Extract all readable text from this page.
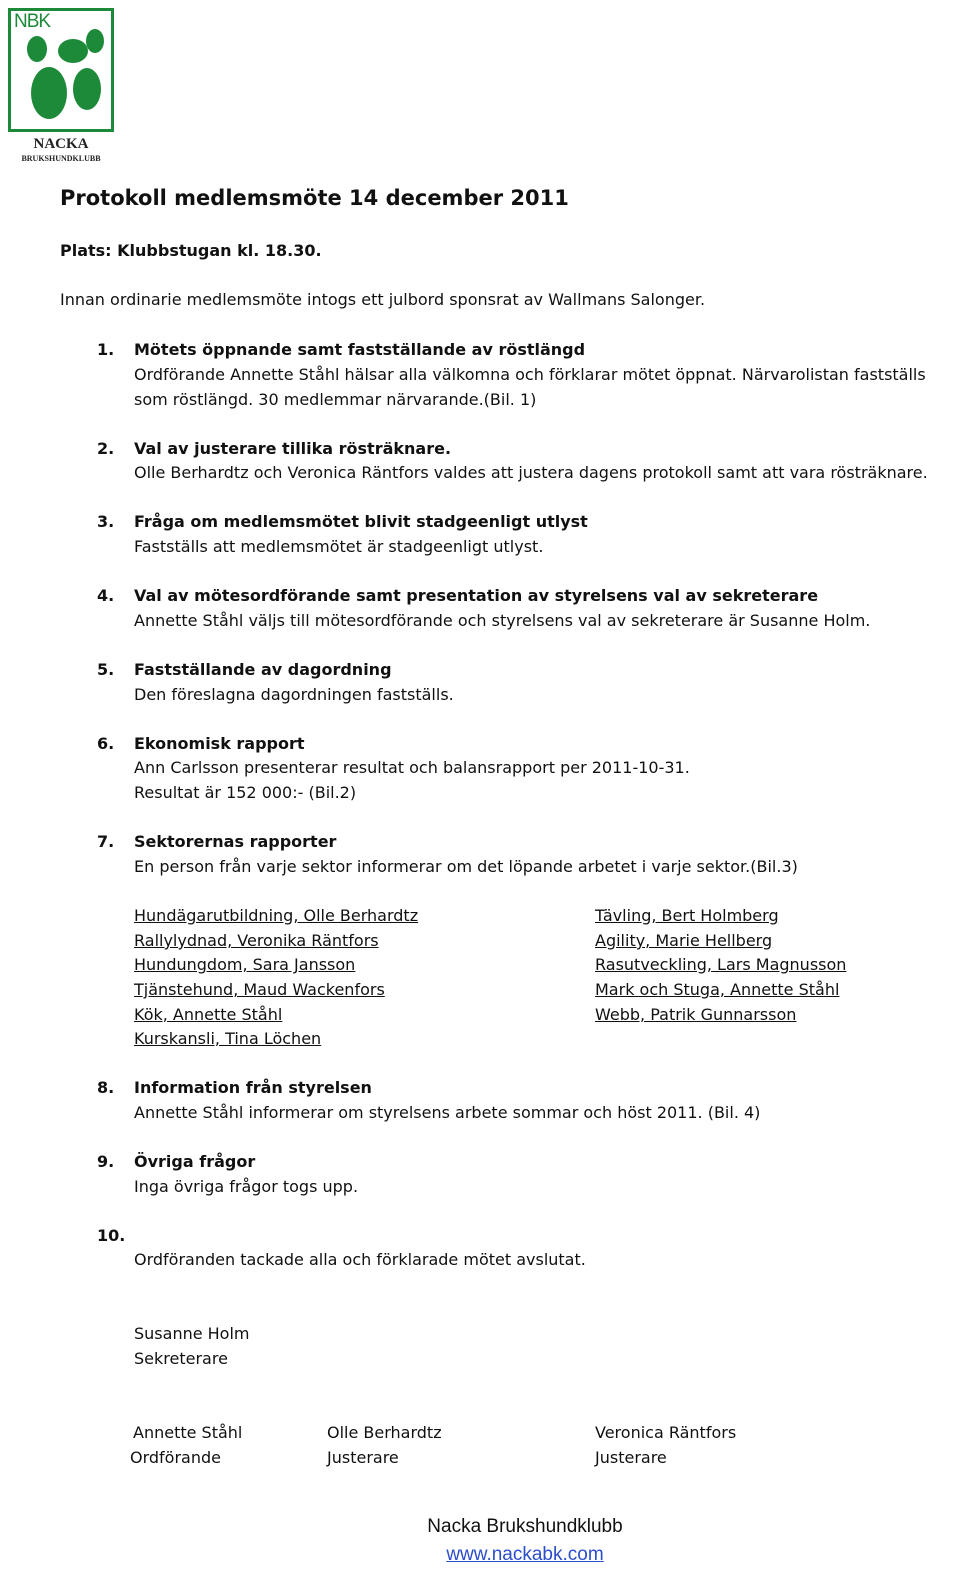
NBK
NACKA
BRUKSHUNDKLUBB
Protokoll medlemsmöte 14 december 2011
Plats: Klubbstugan kl. 18.30.
Innan ordinarie medlemsmöte intogs ett julbord sponsrat av Wallmans Salonger.
1. Mötets öppnande samt fastställande av röstlängd
Ordförande Annette Ståhl hälsar alla välkomna och förklarar mötet öppnat. Närvarolistan fastställs
som röstlängd. 30 medlemmar närvarande.(Bil. 1)
2. Val av justerare tillika rösträknare.
Olle Berhardtz och Veronica Räntfors valdes att justera dagens protokoll samt att vara rösträknare.
3. Fråga om medlemsmötet blivit stadgeenligt utlyst
Fastställs att medlemsmötet är stadgeenligt utlyst.
4. Val av mötesordförande samt presentation av styrelsens val av sekreterare
Annette Ståhl väljs till mötesordförande och styrelsens val av sekreterare är Susanne Holm.
5. Fastställande av dagordning
Den föreslagna dagordningen fastställs.
6. Ekonomisk rapport
Ann Carlsson presenterar resultat och balansrapport per 2011-10-31.
Resultat är 152 000:- (Bil.2)
7. Sektorernas rapporter
En person från varje sektor informerar om det löpande arbetet i varje sektor.(Bil.3)
Hundägarutbildning, Olle Berhardtz
Rallylydnad, Veronika Räntfors
Hundungdom, Sara Jansson
Tjänstehund, Maud Wackenfors
Kök, Annette Ståhl
Kurskansli, Tina Löchen
Tävling, Bert Holmberg
Agility, Marie Hellberg
Rasutveckling, Lars Magnusson
Mark och Stuga, Annette Ståhl
Webb, Patrik Gunnarsson
8. Information från styrelsen
Annette Ståhl informerar om styrelsens arbete sommar och höst 2011. (Bil. 4)
9. Övriga frågor
Inga övriga frågor togs upp.
10.
Ordföranden tackade alla och förklarade mötet avslutat.
Susanne Holm
Sekreterare
Annette Ståhl
Ordförande
Olle Berhardtz
Justerare
Veronica Räntfors
Justerare
Nacka Brukshundklubb
www.nackabk.com
